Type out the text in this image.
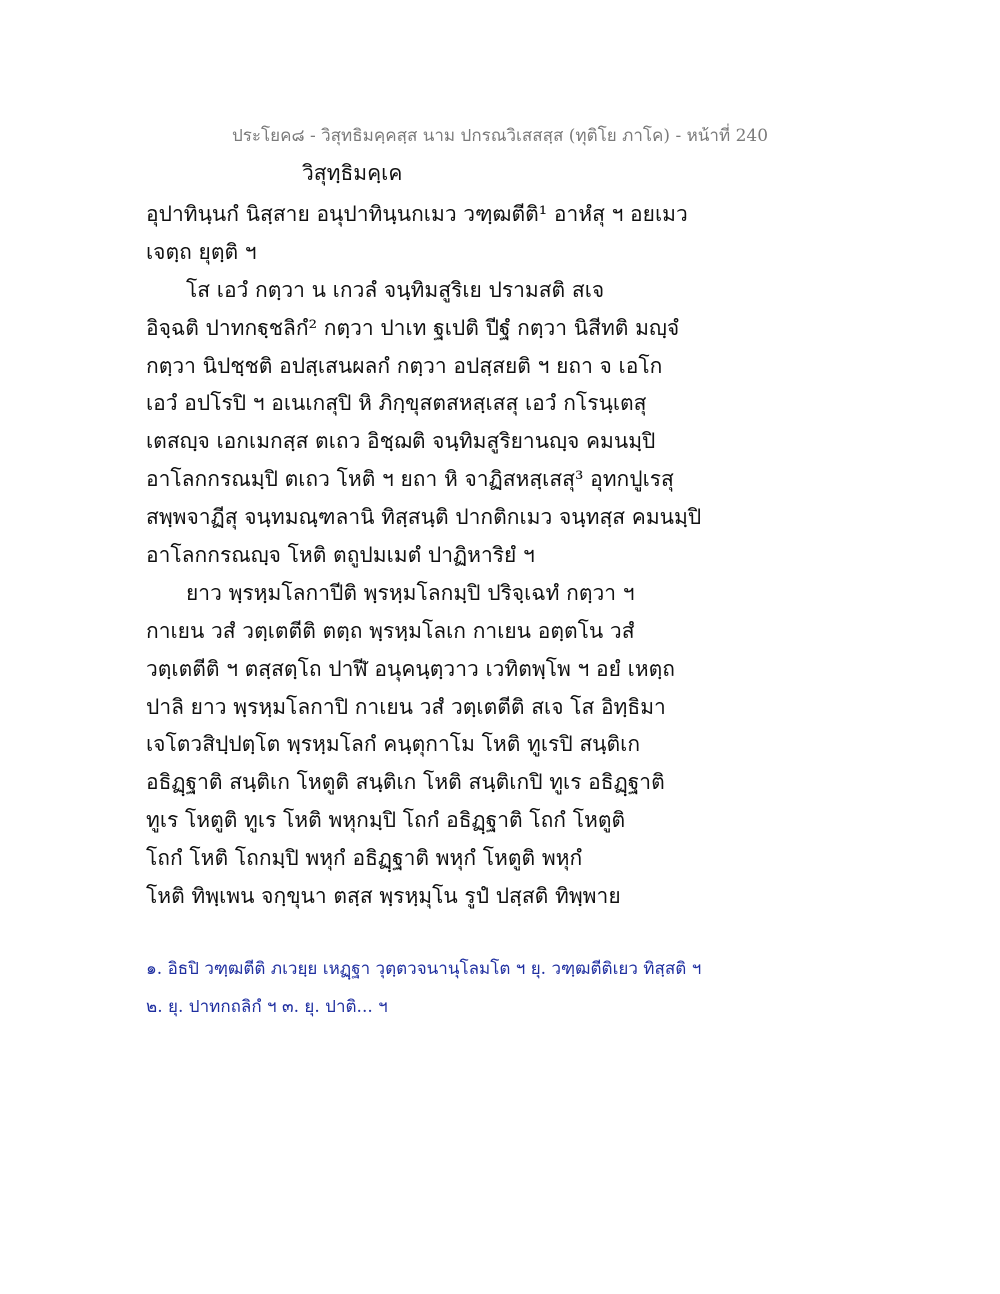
ประโยค๘ - วิสุทธิมคฺคสฺส นาม ปกรณวิเสสสฺส (ทุติโย ภาโค) - หน้าที่ 240
วิสุทฺธิมคฺเค
อุปาทินฺนกํ นิสฺสาย อนุปาทินฺนกเมว วฑฺฒตีติ¹ อาหํสุ ฯ อยเมว
เจตฺถ ยุตฺติ ฯ
โส เอวํ กตฺวา น เกวลํ จนฺทิมสูริเย ปรามสติ สเจ
อิจฺฉติ ปาทกฐฺชลิกํ² กตฺวา ปาเท ฐเปติ ปีฐํ กตฺวา นิสีทติ มญฺจํ
กตฺวา นิปชฺชติ อปสฺเสนผลกํ กตฺวา อปสฺสยติ ฯ ยถา จ เอโก
เอวํ อปโรปิ ฯ อเนเกสุปิ หิ ภิกฺขุสตสหสฺเสสุ เอวํ กโรนฺเตสุ
เตสญฺจ เอกเมกสฺส ตเถว อิชฺฌติ จนฺทิมสูริยานญฺจ คมนมฺปิ
อาโลกกรณมฺปิ ตเถว โหติ ฯ ยถา หิ จาฏิสหสฺเสสุ³ อุทกปูเรสุ
สพฺพจาฏีสุ จนฺทมณฺฑลานิ ทิสฺสนฺติ ปากติกเมว จนฺทสฺส คมนมฺปิ
อาโลกกรณญฺจ โหติ ตถูปมเมตํ ปาฏิหาริยํ ฯ
ยาว พฺรหฺมโลกาปีติ พฺรหฺมโลกมฺปิ ปริจฺเฉทํ กตฺวา ฯ
กาเยน วสํ วตฺเตตีติ ตตฺถ พฺรหฺมโลเก กาเยน อตฺตโน วสํ
วตฺเตตีติ ฯ ตสฺสตฺโถ ปาฬี อนุคนฺตฺวาว เวทิตพฺโพ ฯ อยํ เหตฺถ
ปาลิ ยาว พฺรหฺมโลกาปิ กาเยน วสํ วตฺเตตีติ สเจ โส อิทฺธิมา
เจโตวสิปฺปตฺโต พฺรหฺมโลกํ คนฺตุกาโม โหติ ทูเรปิ สนฺติเก
อธิฏฺฐาติ สนฺติเก โหตูติ สนฺติเก โหติ สนฺติเกปิ ทูเร อธิฏฺฐาติ
ทูเร โหตูติ ทูเร โหติ พหุกมฺปิ โถกํ อธิฏฺฐาติ โถกํ โหตูติ
โถกํ โหติ โถกมฺปิ พหุกํ อธิฏฺฐาติ พหุกํ โหตูติ พหุกํ
โหติ ทิพฺเพน จกฺขุนา ตสฺส พฺรหฺมุโน รูปํ ปสฺสติ ทิพฺพาย
๑. อิธปิ วฑฺฒตีติ ภเวยฺย เหฏฺฐา วุตฺตวจนานุโลมโต ฯ ยุ. วฑฺฒตีติเยว ทิสฺสติ ฯ
๒. ยุ. ปาทกถลิกํ ฯ ๓. ยุ. ปาติ... ฯ
